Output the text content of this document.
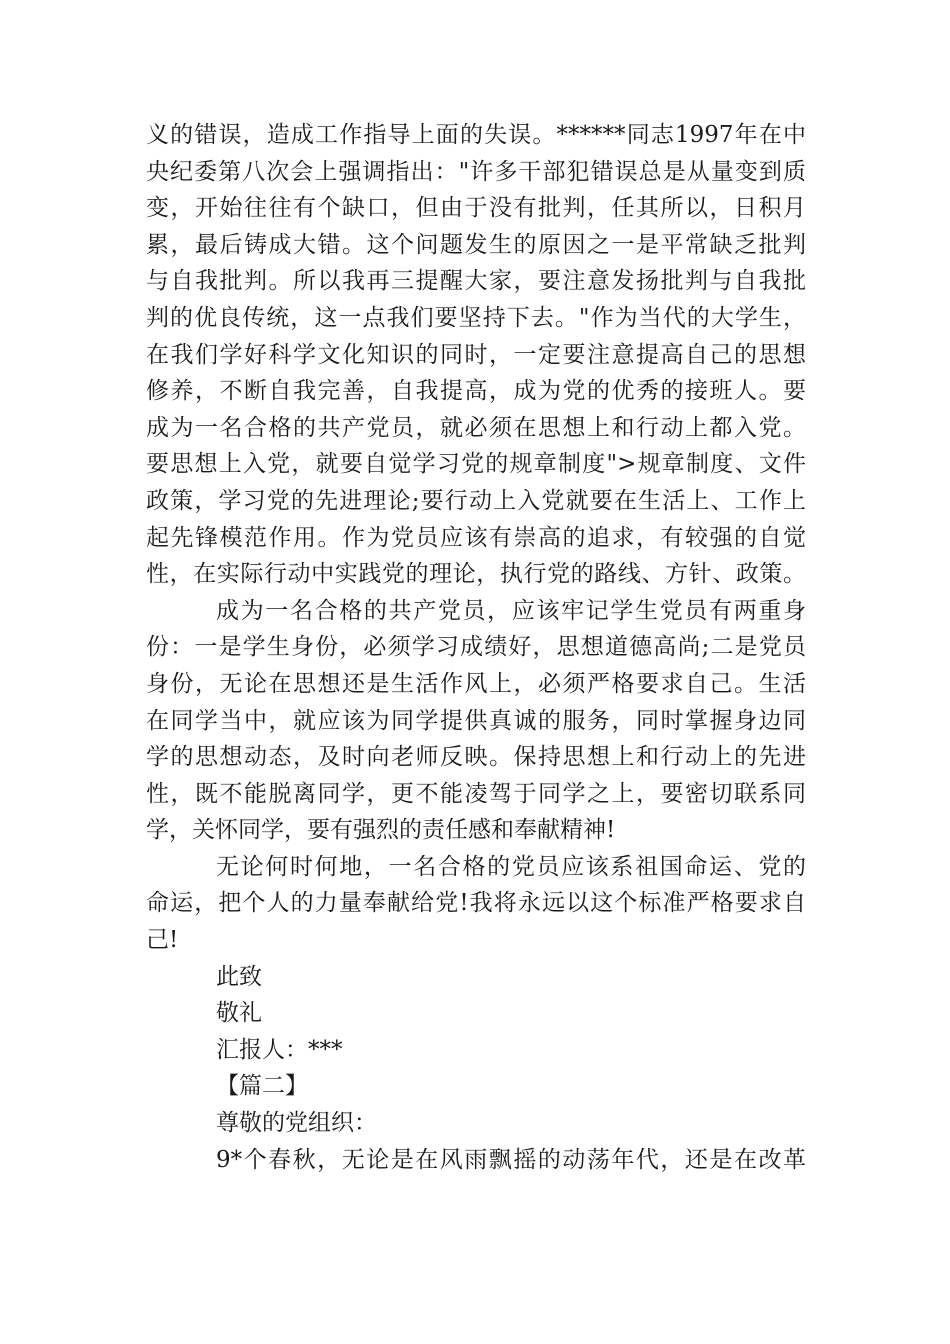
义的错误，造成工作指导上面的失误。******同志1997年在中
央纪委第八次会上强调指出："许多干部犯错误总是从量变到质
变，开始往往有个缺口，但由于没有批判，任其所以，日积月
累，最后铸成大错。这个问题发生的原因之一是平常缺乏批判
与自我批判。所以我再三提醒大家，要注意发扬批判与自我批
判的优良传统，这一点我们要坚持下去。"作为当代的大学生，
在我们学好科学文化知识的同时，一定要注意提高自己的思想
修养，不断自我完善，自我提高，成为党的优秀的接班人。要
成为一名合格的共产党员，就必须在思想上和行动上都入党。
要思想上入党，就要自觉学习党的规章制度">规章制度、文件
政策，学习党的先进理论;要行动上入党就要在生活上、工作上
起先锋模范作用。作为党员应该有崇高的追求，有较强的自觉
性，在实际行动中实践党的理论，执行党的路线、方针、政策。
成为一名合格的共产党员，应该牢记学生党员有两重身
份：一是学生身份，必须学习成绩好，思想道德高尚;二是党员
身份，无论在思想还是生活作风上，必须严格要求自己。生活
在同学当中，就应该为同学提供真诚的服务，同时掌握身边同
学的思想动态，及时向老师反映。保持思想上和行动上的先进
性，既不能脱离同学，更不能凌驾于同学之上，要密切联系同
学，关怀同学，要有强烈的责任感和奉献精神!
无论何时何地，一名合格的党员应该系祖国命运、党的
命运，把个人的力量奉献给党!我将永远以这个标准严格要求自
己!
此致
敬礼
汇报人：***
【篇二】
尊敬的党组织：
9*个春秋，无论是在风雨飘摇的动荡年代，还是在改革
